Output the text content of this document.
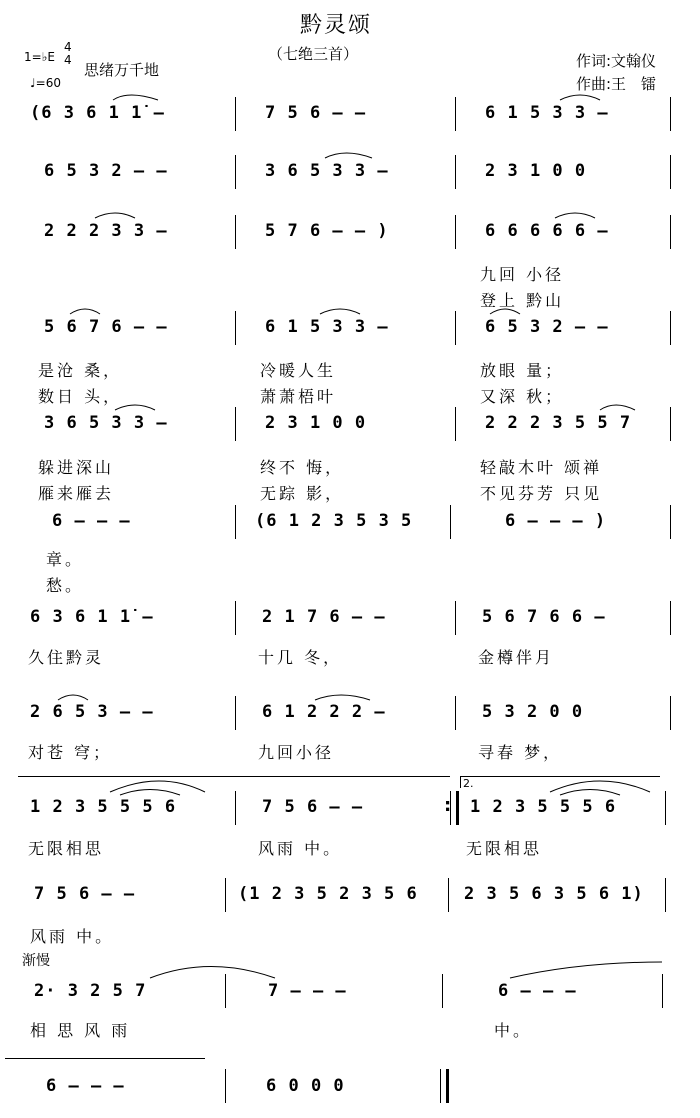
黔灵颂
（七绝三首）
1=♭E
4
4
思绪万千地
♩=60
作词:文翰仪
作曲:王　镭
(6 3 6 1 1̇ –	7 5 6 – –	6 1 5 3 3 –
6 5 3 2 – –	3 6 5 3 3 –	2 3 1 0 0
2 2 2 3 3 –	5 7 6 – – )	6 6 6 6 6 –
九回 小径
登上 黔山
5 6 7 6 – –	6 1 5 3 3 –	6 5 3 2 – –
是沧 桑，	冷暖人生	放眼 量；
数日 头，	萧萧梧叶	又深 秋；
3 6 5 3 3 –	2 3 1 0 0	2 2 2 3 5 5 7
躲进深山	终不 悔，	轻敲木叶 颂禅
雁来雁去	无踪 影，	不见芬芳 只见
6 – – –	(6 1 2 3 5 3 5	6 – – – )
章。
愁。
6 3 6 1 1̇ –	2 1 7 6 – –	5 6 7 6 6 –
久住黔灵	十几 冬，	金樽伴月
2 6 5 3 – –	6 1 2 2 2 –	5 3 2 0 0
对苍 穹；	九回小径	寻春 梦，
2.
1 2 3 5 5 5 6	7 5 6 – –	1 2 3 5 5 5 6
无限相思	风雨 中。	无限相思
7 5 6 – –	(1 2 3 5 2 3 5 6	2 3 5 6 3 5 6 1)
风雨 中。
渐慢
2· 3 2 5 7	7 – – –	6 – – –
相 思 风 雨	中。
6 – – –	6 0 0 0
:
